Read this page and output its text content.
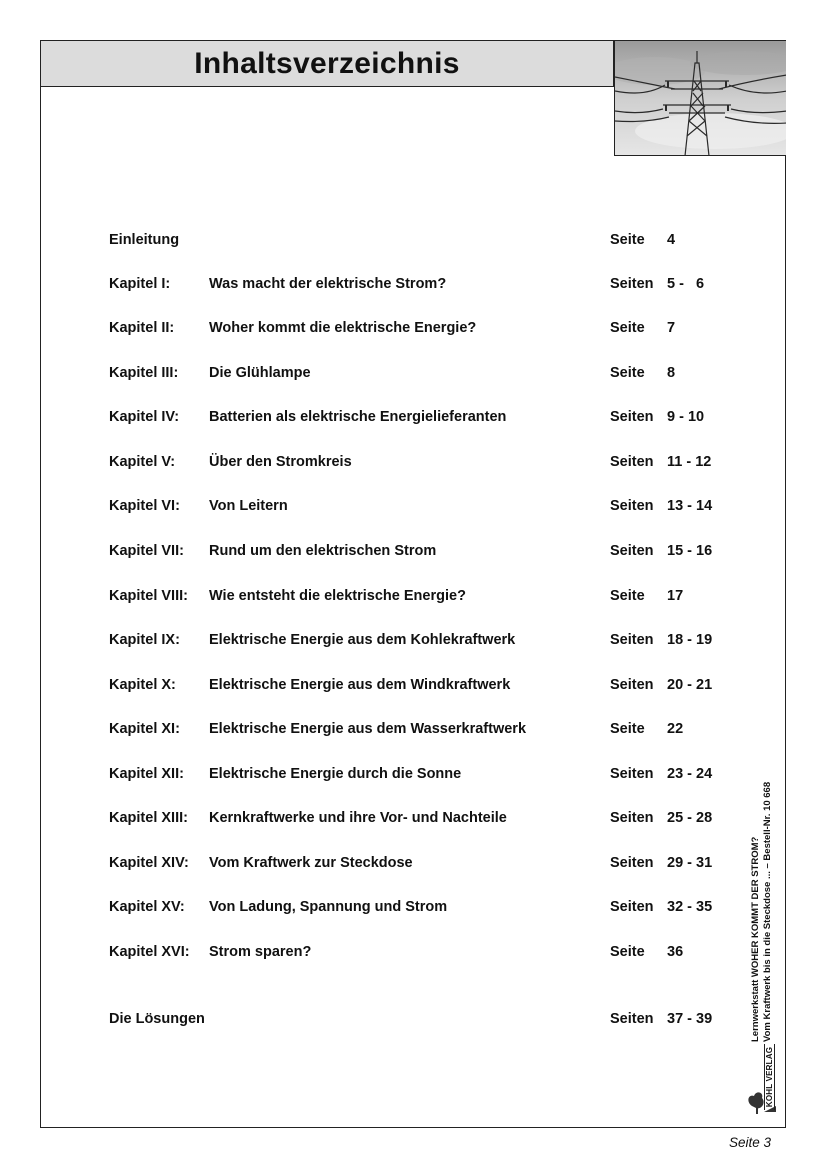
Inhaltsverzeichnis
Einleitung	Seite 4
Kapitel I:	Was macht der elektrische Strom?	Seiten 5 -   6
Kapitel II: Woher kommt die elektrische Energie?	Seite 7
Kapitel III: Die Glühlampe	Seite 8
Kapitel IV: Batterien als elektrische Energielieferanten	Seiten 9 - 10
Kapitel V: Über den Stromkreis	Seiten 11 - 12
Kapitel VI: Von Leitern	Seiten 13 - 14
Kapitel VII: Rund um den elektrischen Strom	Seiten 15 - 16
Kapitel VIII: Wie entsteht die elektrische Energie?	Seite 17
Kapitel IX: Elektrische Energie aus dem Kohlekraftwerk	Seiten 18 - 19
Kapitel X: Elektrische Energie aus dem Windkraftwerk	Seiten 20 - 21
Kapitel XI: Elektrische Energie aus dem Wasserkraftwerk	Seite 22
Kapitel XII: Elektrische Energie durch die Sonne	Seiten 23 - 24
Kapitel XIII: Kernkraftwerke und ihre Vor- und Nachteile	Seiten 25 - 28
Kapitel XIV: Vom Kraftwerk zur Steckdose	Seiten 29 - 31
Kapitel XV: Von Ladung, Spannung und Strom	Seiten 32 - 35
Kapitel XVI: Strom sparen?	Seite 36
Die Lösungen	Seiten 37 - 39	Lernwerkstatt WOHER KOMMT DER STROM? Vom Kraftwerk bis in die Steckdose ... – Bestell-Nr. 10 668
KOHL VERLAG
Seite 3
